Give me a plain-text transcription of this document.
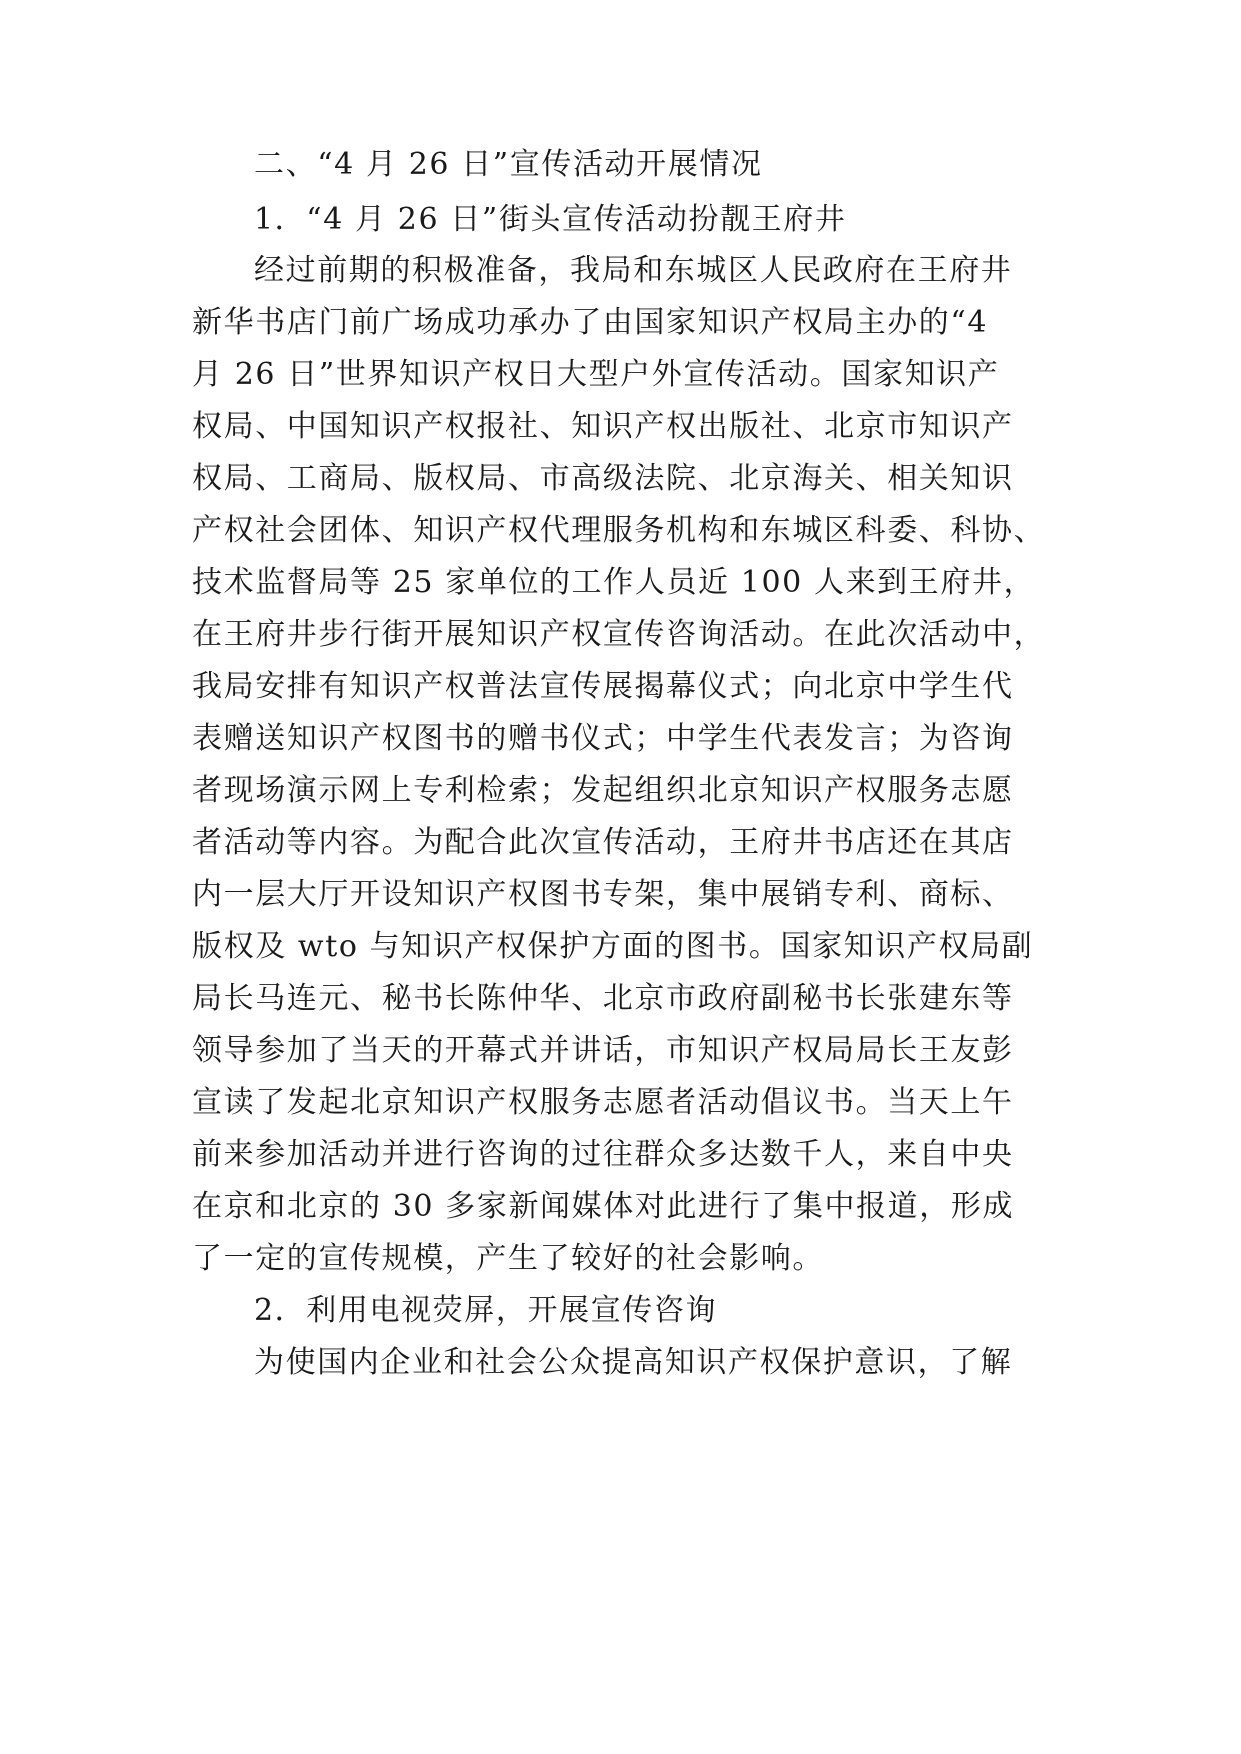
二、“4 月 26 日”宣传活动开展情况
1．“4 月 26 日”街头宣传活动扮靓王府井
经过前期的积极准备，我局和东城区人民政府在王府井
新华书店门前广场成功承办了由国家知识产权局主办的“4
月 26 日”世界知识产权日大型户外宣传活动。国家知识产
权局、中国知识产权报社、知识产权出版社、北京市知识产
权局、工商局、版权局、市高级法院、北京海关、相关知识
产权社会团体、知识产权代理服务机构和东城区科委、科协、
技术监督局等 25 家单位的工作人员近 100 人来到王府井，
在王府井步行街开展知识产权宣传咨询活动。在此次活动中，
我局安排有知识产权普法宣传展揭幕仪式；向北京中学生代
表赠送知识产权图书的赠书仪式；中学生代表发言；为咨询
者现场演示网上专利检索；发起组织北京知识产权服务志愿
者活动等内容。为配合此次宣传活动，王府井书店还在其店
内一层大厅开设知识产权图书专架，集中展销专利、商标、
版权及 wto 与知识产权保护方面的图书。国家知识产权局副
局长马连元、秘书长陈仲华、北京市政府副秘书长张建东等
领导参加了当天的开幕式并讲话，市知识产权局局长王友彭
宣读了发起北京知识产权服务志愿者活动倡议书。当天上午
前来参加活动并进行咨询的过往群众多达数千人，来自中央
在京和北京的 30 多家新闻媒体对此进行了集中报道，形成
了一定的宣传规模，产生了较好的社会影响。
2．利用电视荧屏，开展宣传咨询
为使国内企业和社会公众提高知识产权保护意识，了解
